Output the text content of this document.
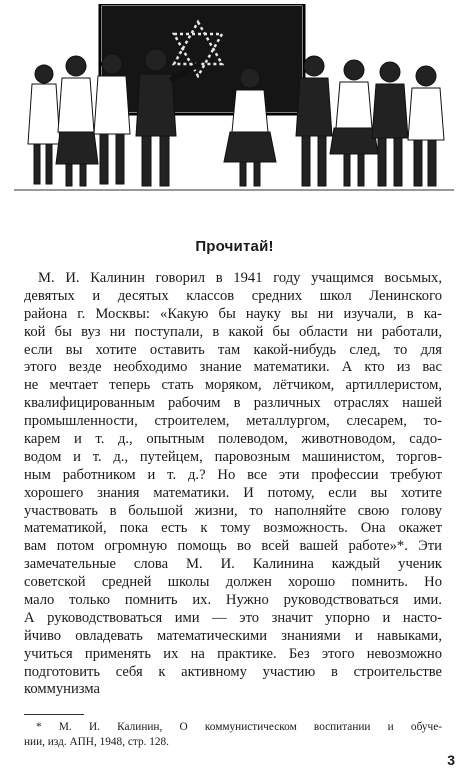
Прочитай!
М. И. Калинин говорил в 1941 году учащимся восьмых,
девятых и десятых классов средних школ Ленинского
района г. Москвы: «Какую бы науку вы ни изучали, в ка-
кой бы вуз ни поступали, в какой бы области ни работали,
если вы хотите оставить там какой-нибудь след, то для
этого везде необходимо знание математики. А кто из вас
не мечтает теперь стать моряком, лётчиком, артиллеристом,
квалифицированным рабочим в различных отраслях нашей
промышленности, строителем, металлургом, слесарем, то-
карем и т. д., опытным полеводом, животноводом, садо-
водом и т. д., путейцем, паровозным машинистом, торгов-
ным работником и т. д.? Но все эти профессии требуют
хорошего знания математики. И потому, если вы хотите
участвовать в большой жизни, то наполняйте свою голову
математикой, пока есть к тому возможность. Она окажет
вам потом огромную помощь во всей вашей работе»*. Эти
замечательные слова М. И. Калинина каждый ученик
советской средней школы должен хорошо помнить. Но
мало только помнить их. Нужно руководствоваться ими.
А руководствоваться ими — это значит упорно и насто-
йчиво овладевать математическими знаниями и навыками,
учиться применять их на практике. Без этого невозможно
подготовить себя к активному участию в строительстве
коммунизма
* М. И. Калинин, О коммунистическом воспитании и обуче-
нии, изд. АПН, 1948, стр. 128.
3
